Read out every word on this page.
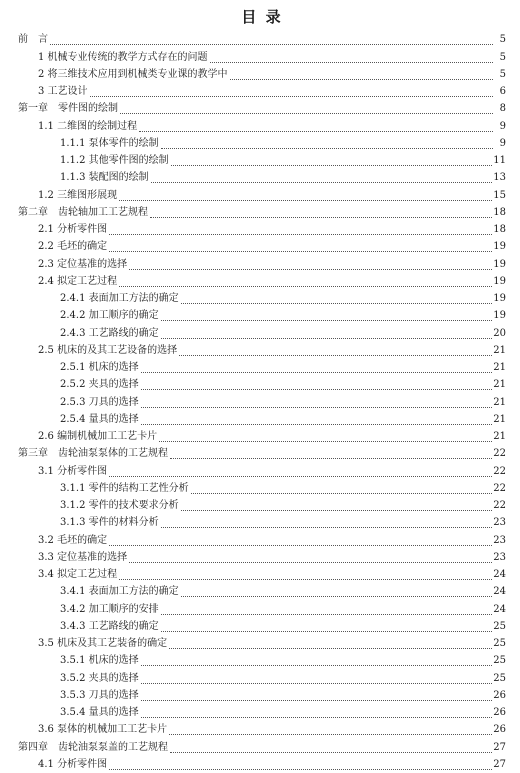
目 录
前　言	5
1 机械专业传统的教学方式存在的问题	5
2 将三维技术应用到机械类专业课的教学中	5
3 工艺设计	6
第一章　零件图的绘制	8
1.1 二维图的绘制过程	9
1.1.1 泵体零件的绘制	9
1.1.2 其他零件图的绘制	11
1.1.3 装配图的绘制	13
1.2 三维图形展现	15
第二章　齿轮轴加工工艺规程	18
2.1 分析零件图	18
2.2 毛坯的确定	19
2.3 定位基准的选择	19
2.4 拟定工艺过程	19
2.4.1 表面加工方法的确定	19
2.4.2 加工顺序的确定	19
2.4.3 工艺路线的确定	20
2.5 机床的及其工艺设备的选择	21
2.5.1 机床的选择	21
2.5.2 夹具的选择	21
2.5.3 刀具的选择	21
2.5.4 量具的选择	21
2.6 编制机械加工工艺卡片	21
第三章　齿轮油泵泵体的工艺规程	22
3.1 分析零件图	22
3.1.1 零件的结构工艺性分析	22
3.1.2 零件的技术要求分析	22
3.1.3 零件的材料分析	23
3.2 毛坯的确定	23
3.3 定位基准的选择	23
3.4 拟定工艺过程	24
3.4.1 表面加工方法的确定	24
3.4.2 加工顺序的安排	24
3.4.3 工艺路线的确定	25
3.5 机床及其工艺装备的确定	25
3.5.1 机床的选择	25
3.5.2 夹具的选择	25
3.5.3 刀具的选择	26
3.5.4 量具的选择	26
3.6 泵体的机械加工工艺卡片	26
第四章　齿轮油泵泵盖的工艺规程	27
4.1 分析零件图	27
